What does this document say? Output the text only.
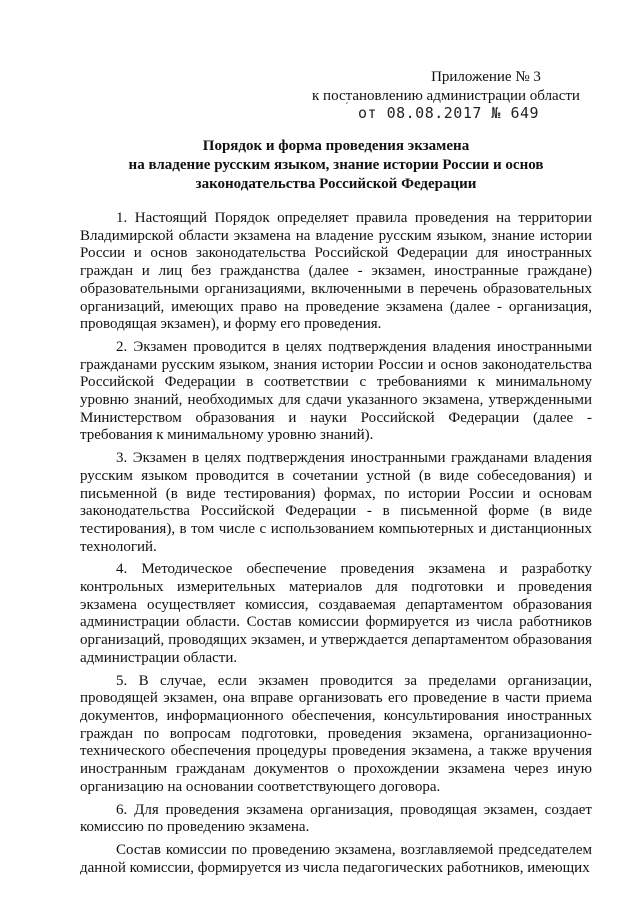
Приложение № 3
к постановлению администрации области
ˊ от 08.08.2017 № 649
Порядок и форма проведения экзамена
на владение русским языком, знание истории России и основ
законодательства Российской Федерации

1. Настоящий Порядок определяет правила проведения на территории Владимирской области экзамена на владение русским языком, знание истории России и основ законодательства Российской Федерации для иностранных граждан и лиц без гражданства (далее - экзамен, иностранные граждане) образовательными организациями, включенными в перечень образовательных организаций, имеющих право на проведение экзамена (далее - организация, проводящая экзамен), и форму его проведения.

2. Экзамен проводится в целях подтверждения владения иностранными гражданами русским языком, знания истории России и основ законодательства Российской Федерации в соответствии с требованиями к минимальному уровню знаний, необходимых для сдачи указанного экзамена, утвержденными Министерством образования и науки Российской Федерации (далее - требования к минимальному уровню знаний).

3. Экзамен в целях подтверждения иностранными гражданами владения русским языком проводится в сочетании устной (в виде собеседования) и письменной (в виде тестирования) формах, по истории России и основам законодательства Российской Федерации - в письменной форме (в виде тестирования), в том числе с использованием компьютерных и дистанционных технологий.

4. Методическое обеспечение проведения экзамена и разработку контрольных измерительных материалов для подготовки и проведения экзамена осуществляет комиссия, создаваемая департаментом образования администрации области. Состав комиссии формируется из числа работников организаций, проводящих экзамен, и утверждается департаментом образования администрации области.

5. В случае, если экзамен проводится за пределами организации, проводящей экзамен, она вправе организовать его проведение в части приема документов, информационного обеспечения, консультирования иностранных граждан по вопросам подготовки, проведения экзамена, организационно-технического обеспечения процедуры проведения экзамена, а также вручения иностранным гражданам документов о прохождении экзамена через иную организацию на основании соответствующего договора.

6. Для проведения экзамена организация, проводящая экзамен, создает комиссию по проведению экзамена.

Состав комиссии по проведению экзамена, возглавляемой председателем данной комиссии, формируется из числа педагогических работников, имеющих
